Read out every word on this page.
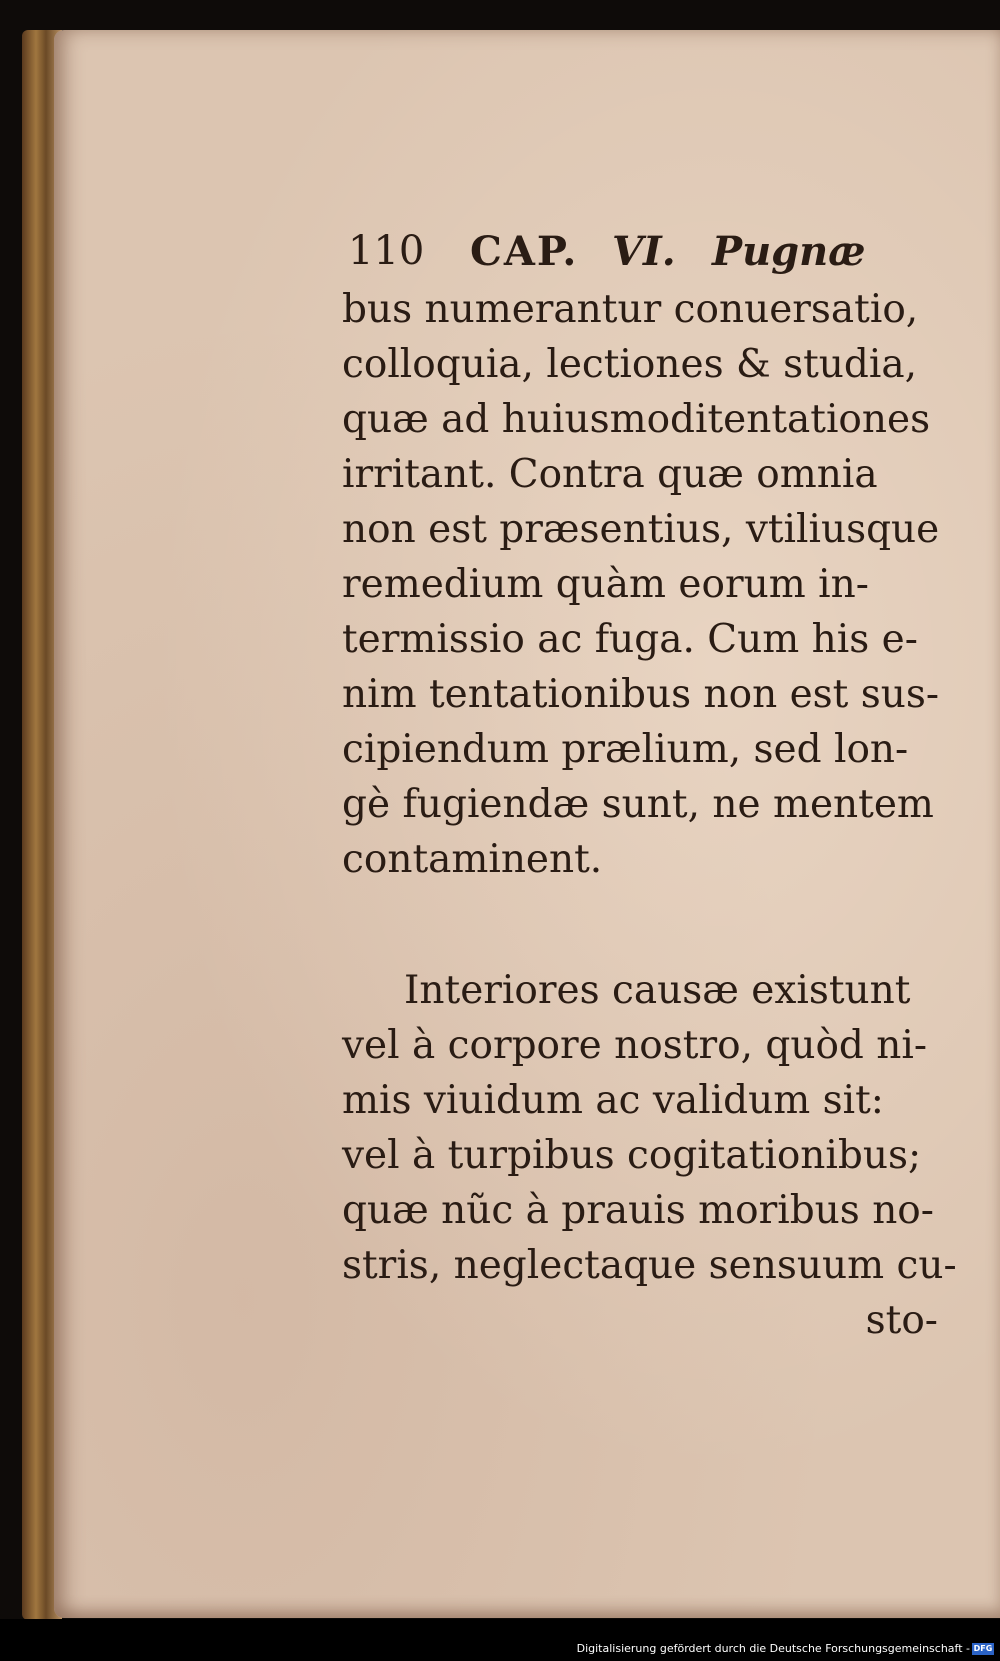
110 CAP. VI. Pugnæ
bus numerantur conuersatio,
colloquia, lectiones & studia,
quæ ad huiusmoditentationes
irritant. Contra quæ omnia
non est præsentius, vtiliusque
remedium quàm eorum in-
termissio ac fuga. Cum his e-
nim tentationibus non est sus-
cipiendum prælium, sed lon-
gè fugiendæ sunt, ne mentem
contaminent.
Interiores causæ existunt
vel à corpore nostro, quòd ni-
mis viuidum ac validum sit:
vel à turpibus cogitationibus;
quæ nũc à prauis moribus no-
stris, neglectaque sensuum cu-
sto-
Digitalisierung gefördert durch die Deutsche Forschungsgemeinschaft - DFG
